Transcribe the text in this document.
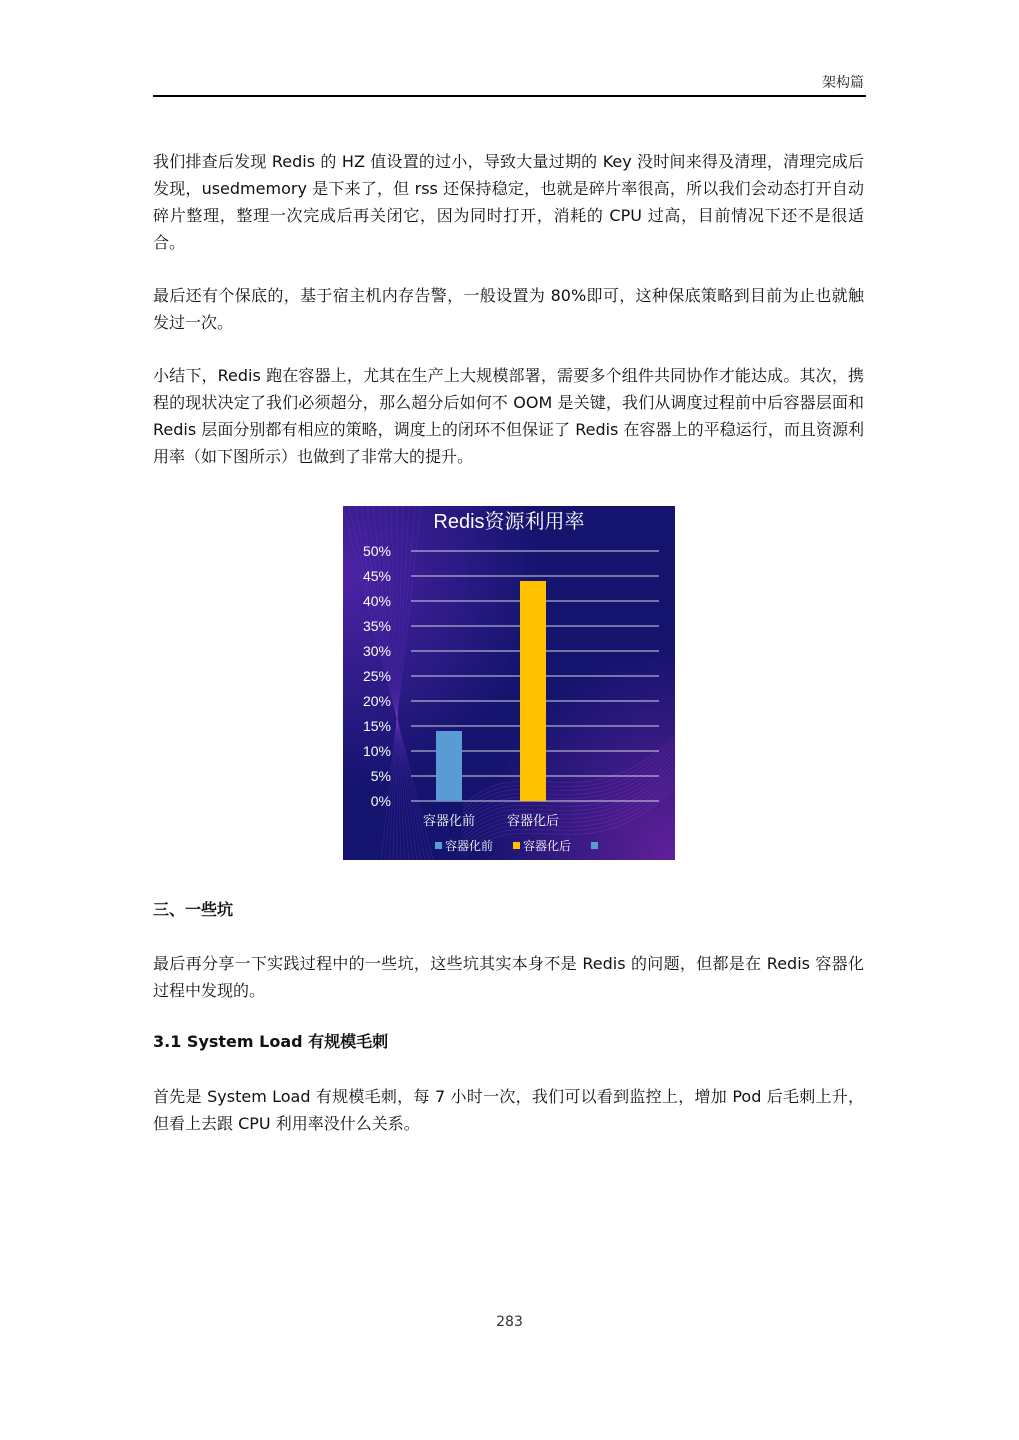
架构篇

我们排查后发现 Redis 的 HZ 值设置的过小，导致大量过期的 Key 没时间来得及清理，清理完成后发现，usedmemory 是下来了，但 rss 还保持稳定，也就是碎片率很高，所以我们会动态打开自动碎片整理，整理一次完成后再关闭它，因为同时打开，消耗的 CPU 过高，目前情况下还不是很适合。

最后还有个保底的，基于宿主机内存告警，一般设置为 80%即可，这种保底策略到目前为止也就触发过一次。

小结下，Redis 跑在容器上，尤其在生产上大规模部署，需要多个组件共同协作才能达成。其次，携程的现状决定了我们必须超分，那么超分后如何不 OOM 是关键，我们从调度过程前中后容器层面和 Redis 层面分别都有相应的策略，调度上的闭环不但保证了 Redis 在容器上的平稳运行，而且资源利用率（如下图所示）也做到了非常大的提升。

Redis资源利用率
0%
5%
10%
15%
20%
25%
30%
35%
40%
45%
50%
容器化前 容器化后
容器化前 容器化后
三、一些坑

最后再分享一下实践过程中的一些坑，这些坑其实本身不是 Redis 的问题，但都是在 Redis 容器化过程中发现的。

3.1 System Load 有规模毛刺

首先是 System Load 有规模毛刺，每 7 小时一次，我们可以看到监控上，增加 Pod 后毛刺上升，但看上去跟 CPU 利用率没什么关系。

283
